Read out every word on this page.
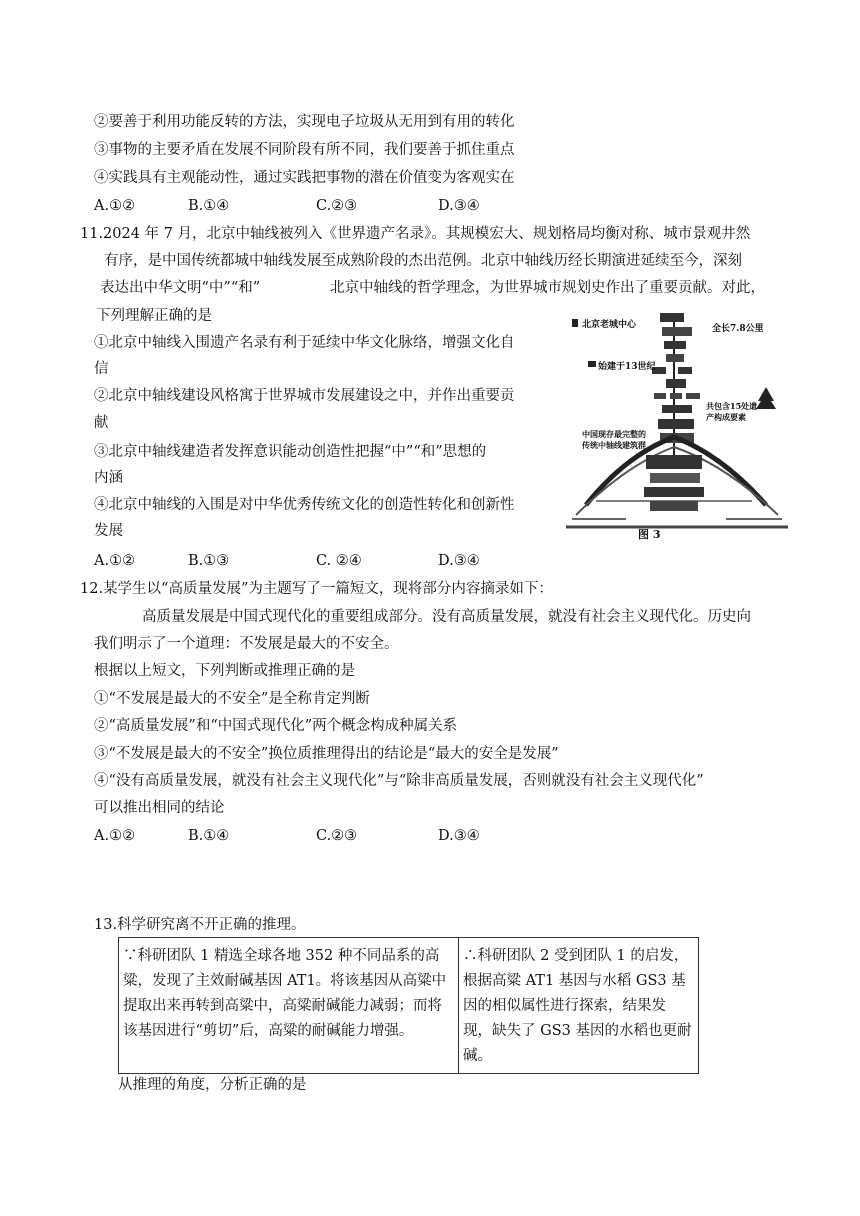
②要善于利用功能反转的方法，实现电子垃圾从无用到有用的转化
③事物的主要矛盾在发展不同阶段有所不同，我们要善于抓住重点
④实践具有主观能动性，通过实践把事物的潜在价值变为客观实在
A.①②	B.①④	C.②③	D.③④
11.2024 年 7 月，北京中轴线被列入《世界遗产名录》。其规模宏大、规划格局均衡对称、城市景观井然
有序，是中国传统都城中轴线发展至成熟阶段的杰出范例。北京中轴线历经长期演进延续至今，深刻
表达出中华文明“中”“和”	北京中轴线的哲学理念，为世界城市规划史作出了重要贡献。对此，
下列理解正确的是
①北京中轴线入围遗产名录有利于延续中华文化脉络，增强文化自
信
②北京中轴线建设风格寓于世界城市发展建设之中，并作出重要贡
献
③北京中轴线建造者发挥意识能动创造性把握“中”“和”思想的
内涵
④北京中轴线的入围是对中华优秀传统文化的创造性转化和创新性
发展
A.①②	B.①③	C. ②④	D.③④
北京老城中心	全长7.8公里
始建于13世纪
共包含15处遗产构成要素
中国现存最完整的传统中轴线建筑群
图 3
12.某学生以“高质量发展”为主题写了一篇短文，现将部分内容摘录如下：
高质量发展是中国式现代化的重要组成部分。没有高质量发展，就没有社会主义现代化。历史向
我们明示了一个道理：不发展是最大的不安全。
根据以上短文，下列判断或推理正确的是
①“不发展是最大的不安全”是全称肯定判断
②“高质量发展”和“中国式现代化”两个概念构成种属关系
③“不发展是最大的不安全”换位质推理得出的结论是“最大的安全是发展”
④“没有高质量发展，就没有社会主义现代化”与“除非高质量发展，否则就没有社会主义现代化”
可以推出相同的结论
A.①②	B.①④	C.②③	D.③④
13.科学研究离不开正确的推理。
∵科研团队 1 精选全球各地 352 种不同品系的高粱，发现了主效耐碱基因 AT1。将该基因从高粱中提取出来再转到高粱中，高粱耐碱能力减弱；而将该基因进行“剪切”后，高粱的耐碱能力增强。	∴科研团队 2 受到团队 1 的启发，根据高粱 AT1 基因与水稻 GS3 基因的相似属性进行探索，结果发现，缺失了 GS3 基因的水稻也更耐碱。
从推理的角度，分析正确的是
